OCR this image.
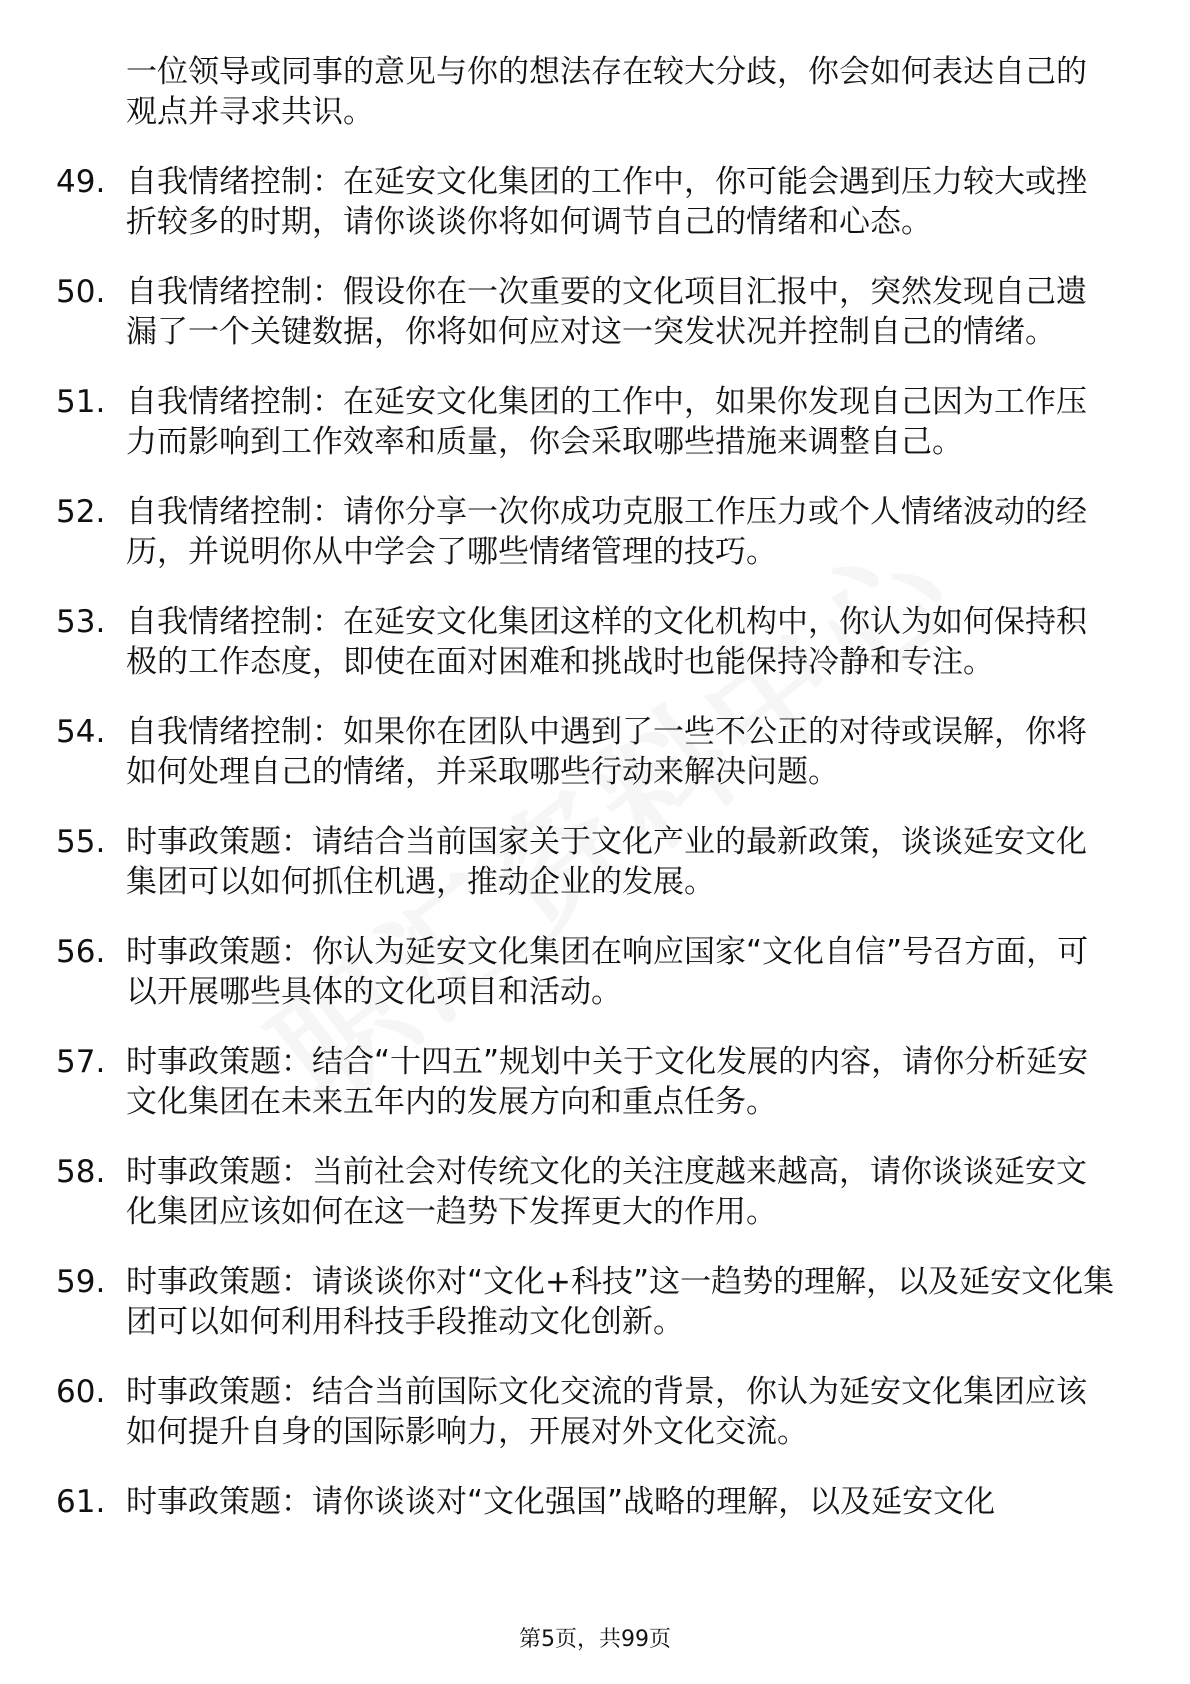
一位领导或同事的意见与你的想法存在较大分歧，你会如何表达自己的观点并寻求共识。
49. 自我情绪控制：在延安文化集团的工作中，你可能会遇到压力较大或挫折较多的时期，请你谈谈你将如何调节自己的情绪和心态。
50. 自我情绪控制：假设你在一次重要的文化项目汇报中，突然发现自己遗漏了一个关键数据，你将如何应对这一突发状况并控制自己的情绪。
51. 自我情绪控制：在延安文化集团的工作中，如果你发现自己因为工作压力而影响到工作效率和质量，你会采取哪些措施来调整自己。
52. 自我情绪控制：请你分享一次你成功克服工作压力或个人情绪波动的经历，并说明你从中学会了哪些情绪管理的技巧。
53. 自我情绪控制：在延安文化集团这样的文化机构中，你认为如何保持积极的工作态度，即使在面对困难和挑战时也能保持冷静和专注。
54. 自我情绪控制：如果你在团队中遇到了一些不公正的对待或误解，你将如何处理自己的情绪，并采取哪些行动来解决问题。
55. 时事政策题：请结合当前国家关于文化产业的最新政策，谈谈延安文化集团可以如何抓住机遇，推动企业的发展。
56. 时事政策题：你认为延安文化集团在响应国家“文化自信”号召方面，可以开展哪些具体的文化项目和活动。
57. 时事政策题：结合“十四五”规划中关于文化发展的内容，请你分析延安文化集团在未来五年内的发展方向和重点任务。
58. 时事政策题：当前社会对传统文化的关注度越来越高，请你谈谈延安文化集团应该如何在这一趋势下发挥更大的作用。
59. 时事政策题：请谈谈你对“文化+科技”这一趋势的理解，以及延安文化集团可以如何利用科技手段推动文化创新。
60. 时事政策题：结合当前国际文化交流的背景，你认为延安文化集团应该如何提升自身的国际影响力，开展对外文化交流。
61. 时事政策题：请你谈谈对“文化强国”战略的理解，以及延安文化
第5页，共99页
